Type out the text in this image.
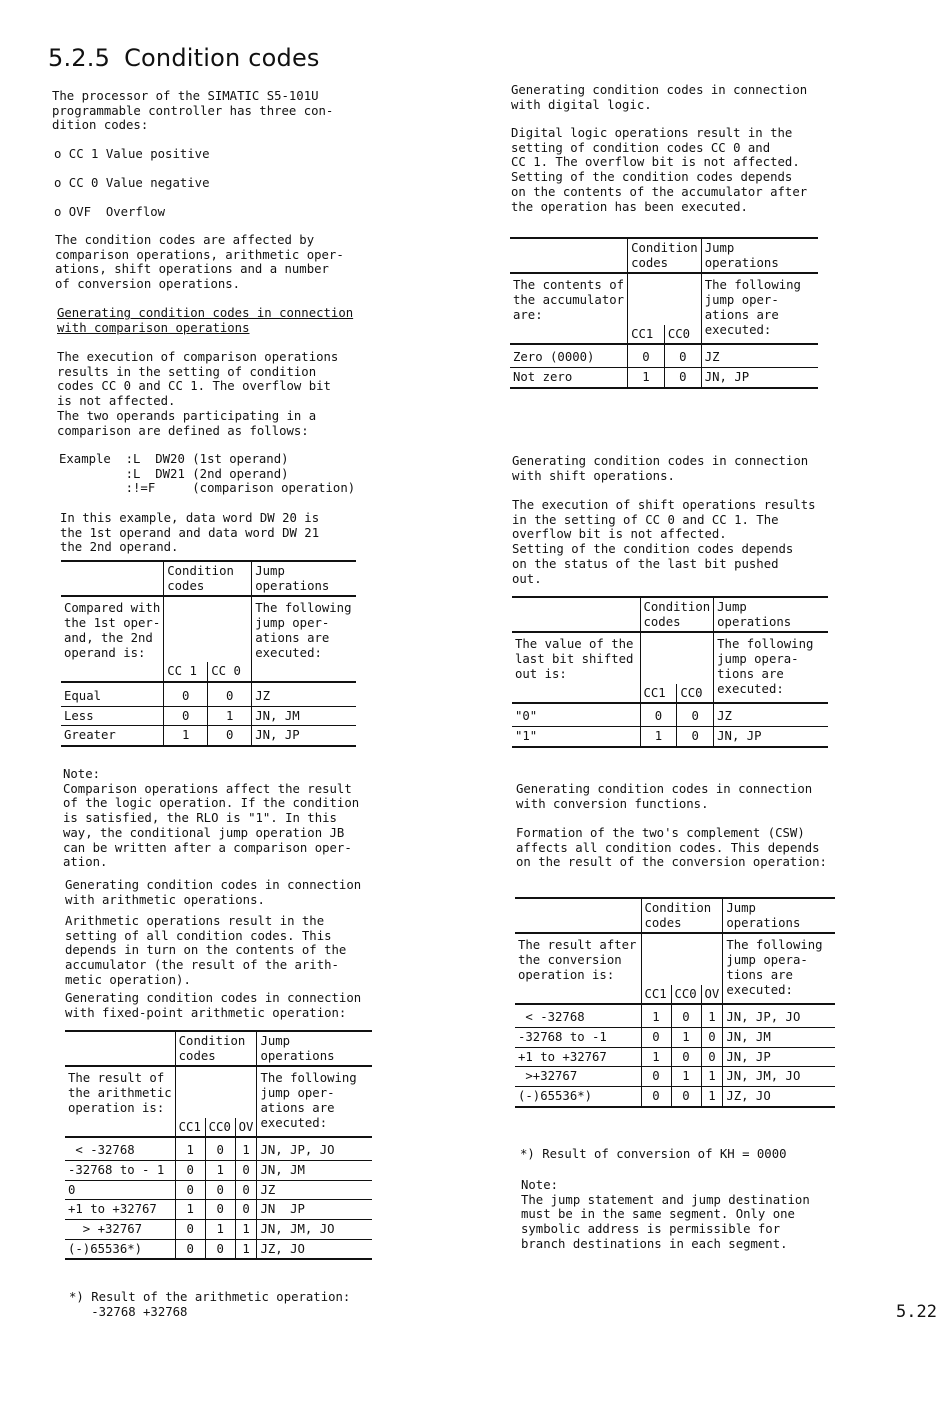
5.2.5 Condition codes
The processor of the SIMATIC S5-101U
programmable controller has three con-
dition codes:
o CC 1 Value positive
o CC 0 Value negative
o OVF  Overflow
The condition codes are affected by
comparison operations, arithmetic oper-
ations, shift operations and a number
of conversion operations.
Generating condition codes in connection
with comparison operations
The execution of comparison operations
results in the setting of condition
codes CC 0 and CC 1. The overflow bit
is not affected.
The two operands participating in a
comparison are defined as follows:
Example  :L  DW20 (1st operand)
:L  DW21 (2nd operand)
:!=F     (comparison operation)
In this example, data word DW 20 is
the 1st operand and data word DW 21
the 2nd operand.
	Condition
codes		Jump
operations
Compared with
the 1st oper-
and, the 2nd
operand is:			The following
jump oper-
ations are
executed:
	CC 1	CC 0	
Equal	0	0	JZ
Less	0	1	JN, JM
Greater	1	0	JN, JP
Note:
Comparison operations affect the result
of the logic operation. If the condition
is satisfied, the RLO is "1". In this
way, the conditional jump operation JB
can be written after a comparison oper-
ation.
Generating condition codes in connection
with arithmetic operations.
Arithmetic operations result in the
setting of all condition codes. This
depends in turn on the contents of the
accumulator (the result of the arith-
metic operation).
Generating condition codes in connection
with fixed-point arithmetic operation:
	Condition
codes			Jump
operations
The result of
the arithmetic
operation is:				The following
jump oper-
ations are
executed:
	CC1	CC0	OV	
< -32768	1	0	1	JN, JP, JO
-32768 to - 1	0	1	0	JN, JM
0	0	0	0	JZ
+1 to +32767	1	0	0	JN  JP
> +32767	0	1	1	JN, JM, JO
(-)65536*)	0	0	1	JZ, JO
*) Result of the arithmetic operation:
-32768 +32768
Generating condition codes in connection
with digital logic.
Digital logic operations result in the
setting of condition codes CC 0 and
CC 1. The overflow bit is not affected.
Setting of the condition codes depends
on the contents of the accumulator after
the operation has been executed.
	Condition
codes		Jump
operations
The contents of
the accumulator
are:			The following
jump oper-
ations are
executed:
	CC1	CC0	
Zero (0000)	0	0	JZ
Not zero	1	0	JN, JP
Generating condition codes in connection
with shift operations.
The execution of shift operations results
in the setting of CC 0 and CC 1. The
overflow bit is not affected.
Setting of the condition codes depends
on the status of the last bit pushed
out.
	Condition
codes		Jump
operations
The value of the
last bit shifted
out is:			The following
jump opera-
tions are
executed:
	CC1	CC0	
"0"	0	0	JZ
"1"	1	0	JN, JP
Generating condition codes in connection
with conversion functions.
Formation of the two's complement (CSW)
affects all condition codes. This depends
on the result of the conversion operation:
	Condition
codes			Jump
operations
The result after
the conversion
operation is:				The following
jump opera-
tions are
executed:
	CC1	CC0	OV	
< -32768	1	0	1	JN, JP, JO
-32768 to -1	0	1	0	JN, JM
+1 to +32767	1	0	0	JN, JP
>+32767	0	1	1	JN, JM, JO
(-)65536*)	0	0	1	JZ, JO
*) Result of conversion of KH = 0000
Note:
The jump statement and jump destination
must be in the same segment. Only one
symbolic address is permissible for
branch destinations in each segment.
5.22
